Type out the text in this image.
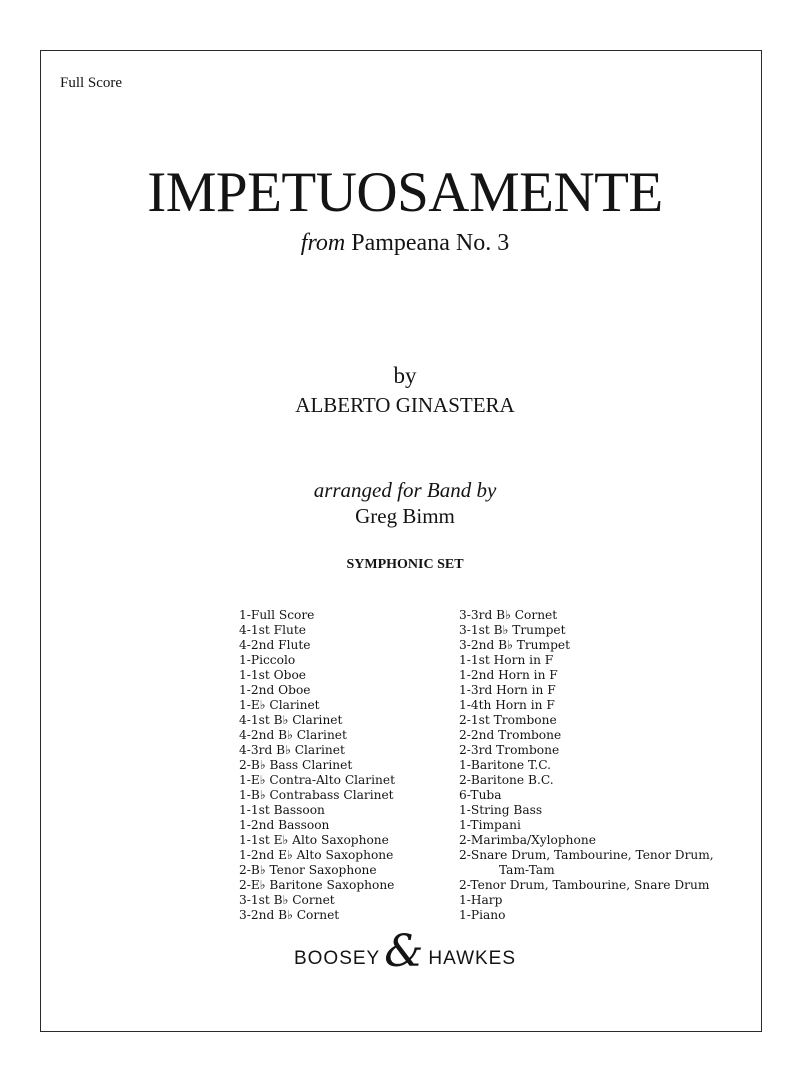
Full Score
IMPETUOSAMENTE
from Pampeana No. 3
by
ALBERTO GINASTERA
arranged for Band by
Greg Bimm
SYMPHONIC SET
1-Full Score
4-1st Flute
4-2nd Flute
1-Piccolo
1-1st Oboe
1-2nd Oboe
1-E♭ Clarinet
4-1st B♭ Clarinet
4-2nd B♭ Clarinet
4-3rd B♭ Clarinet
2-B♭ Bass Clarinet
1-E♭ Contra-Alto Clarinet
1-B♭ Contrabass Clarinet
1-1st Bassoon
1-2nd Bassoon
1-1st E♭ Alto Saxophone
1-2nd E♭ Alto Saxophone
2-B♭ Tenor Saxophone
2-E♭ Baritone Saxophone
3-1st B♭ Cornet
3-2nd B♭ Cornet
3-3rd B♭ Cornet
3-1st B♭ Trumpet
3-2nd B♭ Trumpet
1-1st Horn in F
1-2nd Horn in F
1-3rd Horn in F
1-4th Horn in F
2-1st Trombone
2-2nd Trombone
2-3rd Trombone
1-Baritone T.C.
2-Baritone B.C.
6-Tuba
1-String Bass
1-Timpani
2-Marimba/Xylophone
2-Snare Drum, Tambourine, Tenor Drum,
Tam-Tam
2-Tenor Drum, Tambourine, Snare Drum
1-Harp
1-Piano
BOOSEY& HAWKES
